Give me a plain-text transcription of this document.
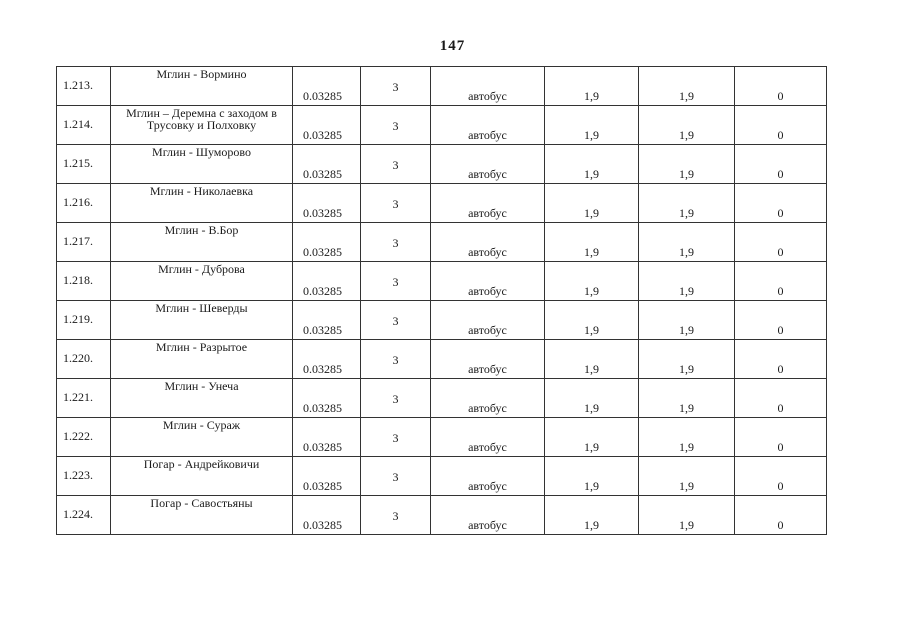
147
1.213.	Мглин - Вормино	0.03285	3	автобус	1,9	1,9	0

1.214.	Мглин – Деремна с заходом в Трусовку и Полховку	0.03285	3	автобус	1,9	1,9	0

1.215.	Мглин - Шуморово	0.03285	3	автобус	1,9	1,9	0

1.216.	Мглин - Николаевка	0.03285	3	автобус	1,9	1,9	0

1.217.	Мглин - В.Бор	0.03285	3	автобус	1,9	1,9	0

1.218.	Мглин - Дуброва	0.03285	3	автобус	1,9	1,9	0

1.219.	Мглин - Шеверды	0.03285	3	автобус	1,9	1,9	0

1.220.	Мглин - Разрытое	0.03285	3	автобус	1,9	1,9	0

1.221.	Мглин - Унеча	0.03285	3	автобус	1,9	1,9	0

1.222.	Мглин - Сураж	0.03285	3	автобус	1,9	1,9	0

1.223.	Погар - Андрейковичи	0.03285	3	автобус	1,9	1,9	0

1.224.	Погар - Савостьяны	0.03285	3	автобус	1,9	1,9	0
